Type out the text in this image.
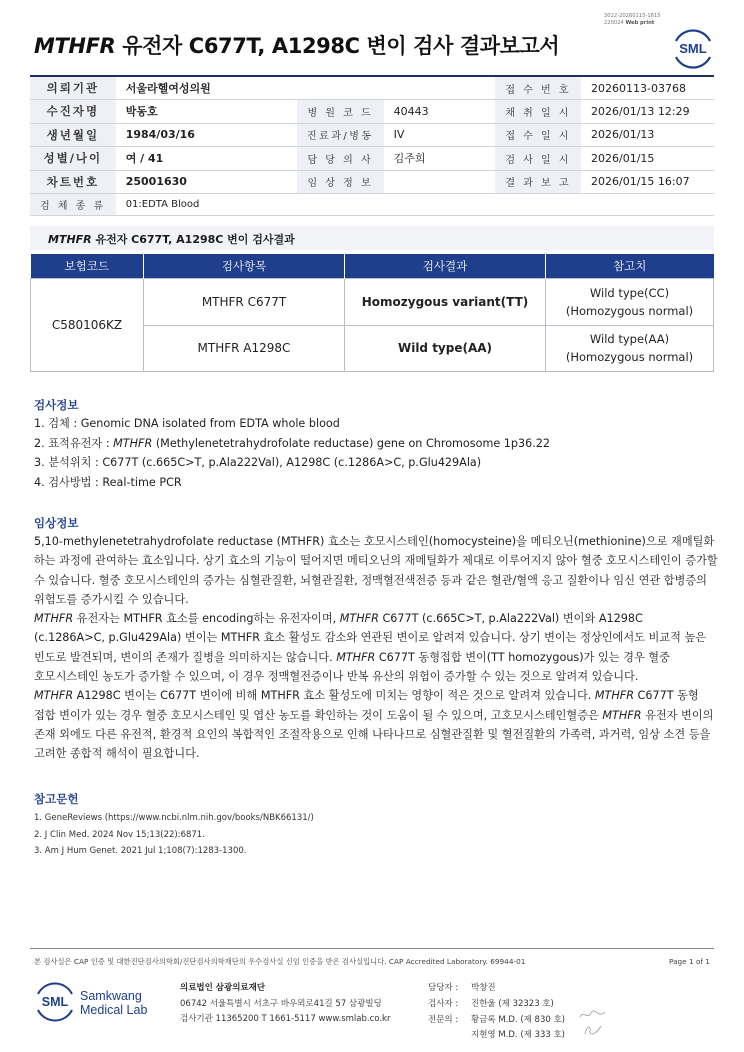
3022-20260115-1615
220024 Web print
MTHFR 유전자 C677T, A1298C 변이 검사 결과보고서	SML
의뢰기관	서울라헬여성의원			접 수 번 호	20260113-03768
수진자명	박동호	병 원 코 드	40443	채 취 일 시	2026/01/13 12:29
생년월일	1984/03/16	진료과/병동	IV	접 수 일 시	2026/01/13
성별/나이	여 / 41	담 당 의 사	김주희	검 사 일 시	2026/01/15
차트번호	25001630	임 상 정 보		결 과 보 고	2026/01/15 16:07
검 체 종 류	01:EDTA Blood				
MTHFR 유전자 C677T, A1298C 변이 검사결과
보험코드	검사항목	검사결과	참고치
C580106KZ	MTHFR C677T	Homozygous variant(TT)	Wild type(CC)
(Homozygous normal)

	MTHFR A1298C	Wild type(AA)	Wild type(AA)
(Homozygous normal)
검사정보
1. 검체 : Genomic DNA isolated from EDTA whole blood
2. 표적유전자 : MTHFR (Methylenetetrahydrofolate reductase) gene on Chromosome 1p36.22
3. 분석위치 : C677T (c.665C>T, p.Ala222Val), A1298C (c.1286A>C, p.Glu429Ala)
4. 검사방법 : Real-time PCR
임상정보
5,10-methylenetetrahydrofolate reductase (MTHFR) 효소는 호모시스테인(homocysteine)을 메티오닌(methionine)으로 재메틸화
하는 과정에 관여하는 효소입니다. 상기 효소의 기능이 떨어지면 메티오닌의 재메틸화가 제대로 이루어지지 않아 혈중 호모시스테인이 증가할
수 있습니다. 혈중 호모시스테인의 증가는 심혈관질환, 뇌혈관질환, 정맥혈전색전증 등과 같은 혈관/혈액 응고 질환이나 임신 연관 합병증의
위험도를 증가시킬 수 있습니다.
MTHFR 유전자는 MTHFR 효소를 encoding하는 유전자이며, MTHFR C677T (c.665C>T, p.Ala222Val) 변이와 A1298C
(c.1286A>C, p.Glu429Ala) 변이는 MTHFR 효소 활성도 감소와 연관된 변이로 알려져 있습니다. 상기 변이는 정상인에서도 비교적 높은
빈도로 발견되며, 변이의 존재가 질병을 의미하지는 않습니다. MTHFR C677T 동형접합 변이(TT homozygous)가 있는 경우 혈중
호모시스테인 농도가 증가할 수 있으며, 이 경우 정맥혈전증이나 반복 유산의 위험이 증가할 수 있는 것으로 알려져 있습니다.
MTHFR A1298C 변이는 C677T 변이에 비해 MTHFR 효소 활성도에 미치는 영향이 적은 것으로 알려져 있습니다. MTHFR C677T 동형
접합 변이가 있는 경우 혈중 호모시스테인 및 엽산 농도를 확인하는 것이 도움이 될 수 있으며, 고호모시스테인혈증은 MTHFR 유전자 변이의
존재 외에도 다른 유전적, 환경적 요인의 복합적인 조절작용으로 인해 나타나므로 심혈관질환 및 혈전질환의 가족력, 과거력, 임상 소견 등을
고려한 종합적 해석이 필요합니다.
참고문헌
1. GeneReviews (https://www.ncbi.nlm.nih.gov/books/NBK66131/)
2. J Clin Med. 2024 Nov 15;13(22):6871.
3. Am J Hum Genet. 2021 Jul 1;108(7):1283-1300.
본 검사실은 CAP 인증 및 대한진단검사의학회/진단검사의학재단의 우수검사실 신임 인증을 받은 검사실입니다. CAP Accredited Laboratory. 69944-01	Page 1 of 1
SML Samkwang
Medical Lab
의료법인 삼광의료재단
06742 서울특별시 서초구 바우뫼로41길 57 삼광빌딩
검사기관 11365200 T 1661-5117 www.smlab.co.kr
담당자 :	박창진
검사자 :	진한울 (제 32323 호)
전문의 :	황금록 M.D. (제 830 호)
지현영 M.D. (제 333 호)
